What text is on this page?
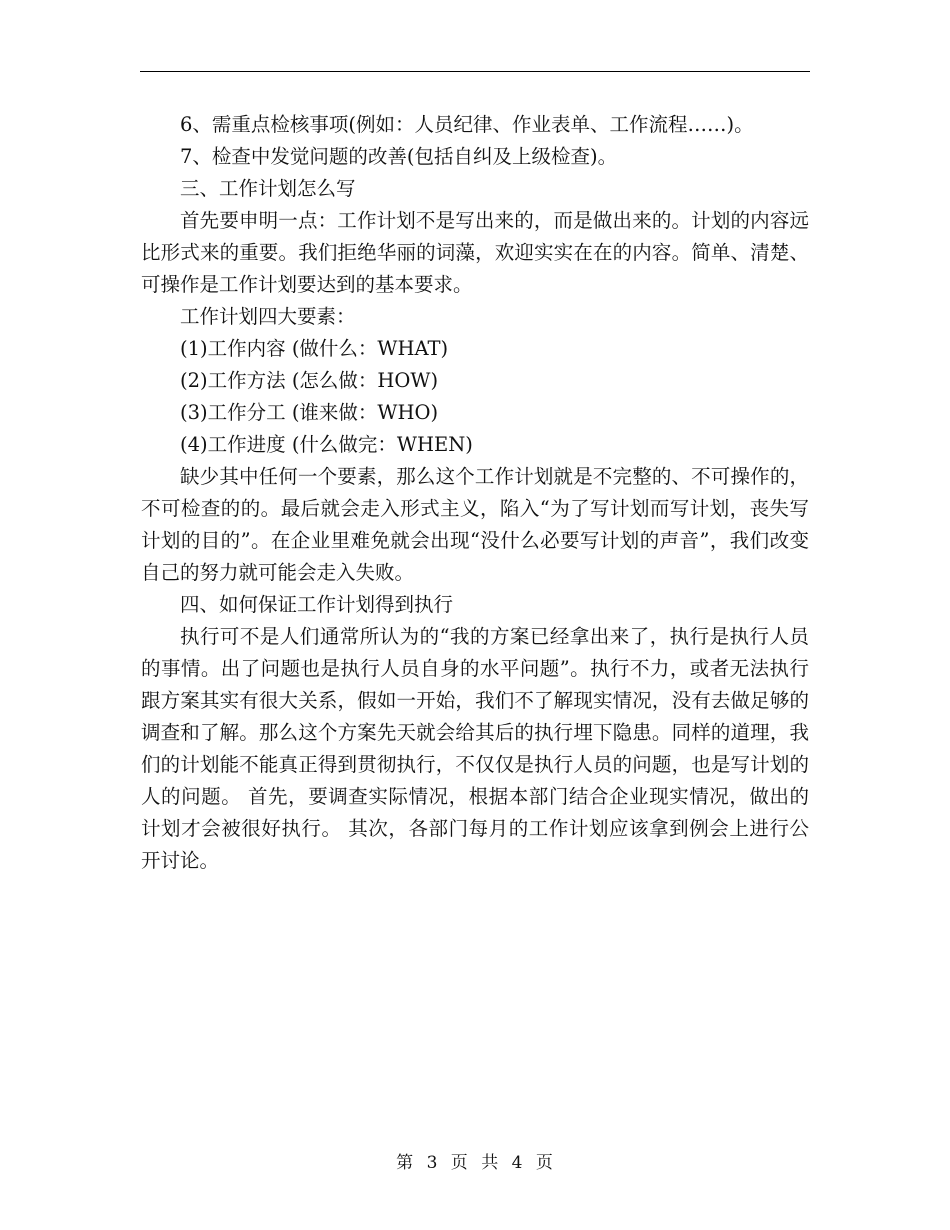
6、需重点检核事项(例如：人员纪律、作业表单、工作流程……)。

7、检查中发觉问题的改善(包括自纠及上级检查)。

三、工作计划怎么写

首先要申明一点：工作计划不是写出来的，而是做出来的。计划的内容远比形式来的重要。我们拒绝华丽的词藻，欢迎实实在在的内容。简单、清楚、可操作是工作计划要达到的基本要求。

工作计划四大要素：

(1)工作内容 (做什么：WHAT)

(2)工作方法 (怎么做：HOW)

(3)工作分工 (谁来做：WHO)

(4)工作进度 (什么做完：WHEN)

缺少其中任何一个要素，那么这个工作计划就是不完整的、不可操作的，不可检查的的。最后就会走入形式主义，陷入“为了写计划而写计划，丧失写计划的目的”。在企业里难免就会出现“没什么必要写计划的声音”，我们改变自己的努力就可能会走入失败。

四、如何保证工作计划得到执行

执行可不是人们通常所认为的“我的方案已经拿出来了，执行是执行人员的事情。出了问题也是执行人员自身的水平问题”。执行不力，或者无法执行跟方案其实有很大关系，假如一开始，我们不了解现实情况，没有去做足够的调查和了解。那么这个方案先天就会给其后的执行埋下隐患。同样的道理，我们的计划能不能真正得到贯彻执行，不仅仅是执行人员的问题，也是写计划的人的问题。 首先，要调查实际情况，根据本部门结合企业现实情况，做出的计划才会被很好执行。 其次，各部门每月的工作计划应该拿到例会上进行公开讨论。

第 3 页 共 4 页
